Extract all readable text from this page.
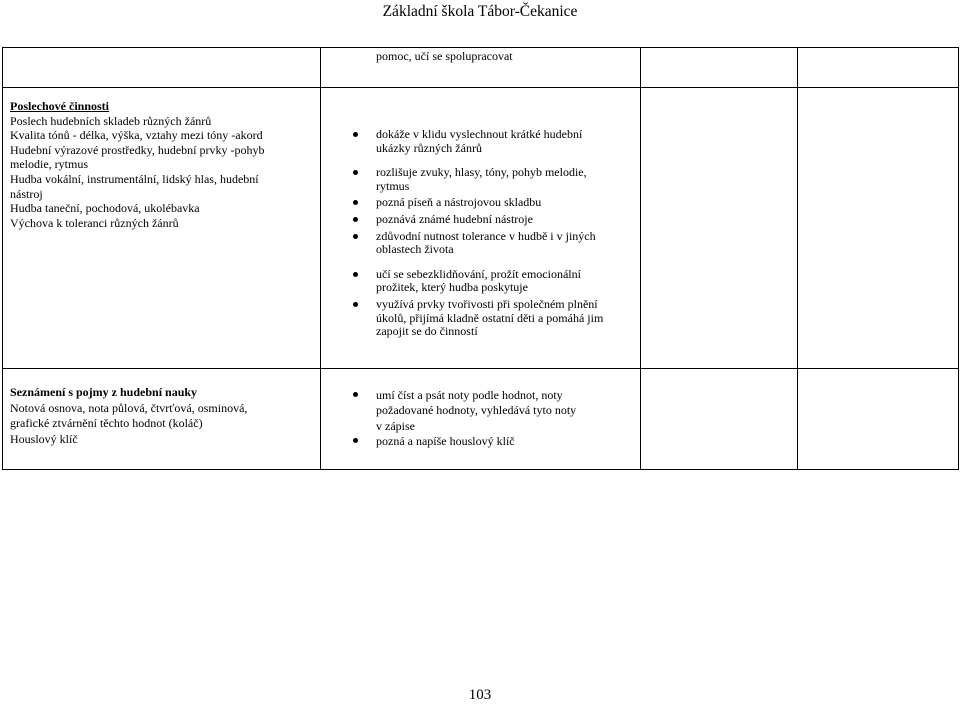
Základní škola Tábor-Čekanice
pomoc, učí se spolupracovat
Poslechové činnosti
Poslech hudebních skladeb různých žánrů
Kvalita tónů - délka, výška, vztahy mezi tóny -akord
Hudební výrazové prostředky, hudební prvky -pohyb
melodie, rytmus
Hudba vokální, instrumentální, lidský hlas, hudební
nástroj
Hudba taneční, pochodová, ukolébavka
Výchova k toleranci různých žánrů
dokáže v klidu vyslechnout krátké hudební
ukázky různých žánrů
rozlišuje zvuky, hlasy, tóny, pohyb melodie,
rytmus
pozná píseň a nástrojovou skladbu
poznává známé hudební nástroje
zdůvodní nutnost tolerance v hudbě i v jiných
oblastech života
učí se sebezklidňování, prožít emocionální
prožitek, který hudba poskytuje
využívá prvky tvořivosti při společném plnění
úkolů, přijímá kladně ostatní děti a pomáhá jim
zapojit se do činností
Seznámení s pojmy z hudební nauky
Notová osnova, nota půlová, čtvrťová, osminová,
grafické ztvárnění těchto hodnot (koláč)
Houslový klíč
umí číst a psát noty podle hodnot, noty
požadované hodnoty, vyhledává tyto noty
v zápise
pozná a napíše houslový klíč
103
